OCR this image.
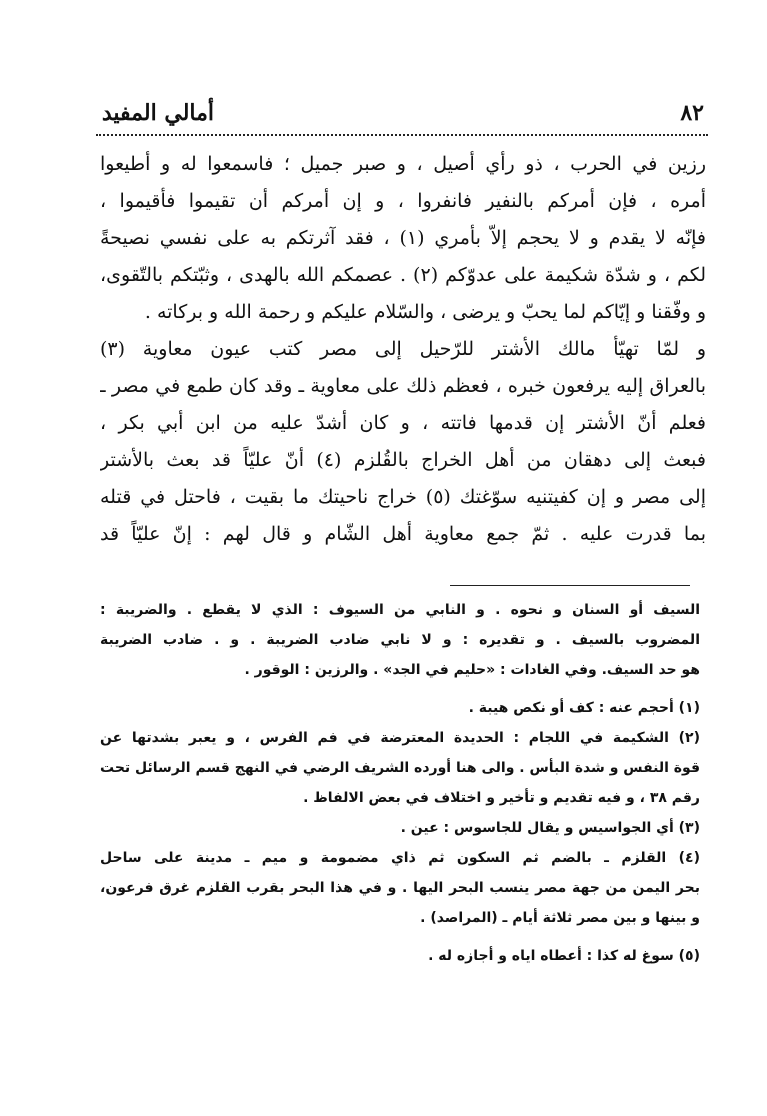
أمالي المفيد	٨٢
رزين في الحرب ، ذو رأي أصيل ، و صبر جميل ؛ فاسمعوا له و أطيعوا
أمره ، فإن أمركم بالنفير فانفروا ، و إن أمركم أن تقيموا فأقيموا ،
فإنّه لا يقدم و لا يحجم إلاّ بأمري (١) ، فقد آثرتكم به على نفسي نصيحةً
لكم ، و شدّة شكيمة على عدوّكم (٢) . عصمكم الله بالهدى ، وثبّتكم بالتّقوى،
و وفّقنا و إيّاكم لما يحبّ و يرضى ، والسّلام عليكم و رحمة الله و بركاته .
و لمّا تهيّأ مالك الأشتر للرّحيل إلى مصر كتب عيون معاوية (٣)
بالعراق إليه يرفعون خبره ، فعظم ذلك على معاوية ـ وقد كان طمع في مصر ـ
فعلم أنّ الأشتر إن قدمها فاتته ، و كان أشدّ عليه من ابن أبي بكر ،
فبعث إلى دهقان من أهل الخراج بالقُلزم (٤) أنّ عليّاً قد بعث بالأشتر
إلى مصر و إن كفيتنيه سوّغتك (٥) خراج ناحيتك ما بقيت ، فاحتل في قتله
بما قدرت عليه . ثمّ جمع معاوية أهل الشّام و قال لهم : إنّ عليّاً قد
السيف أو السنان و نحوه . و النابي من السيوف : الذي لا يقطع . والضريبة :
المضروب بالسيف . و تقديره : و لا نابي ضادب الضريبة . و . ضادب الضريبة
هو حد السيف. وفي الغادات : «حليم في الجد» . والرزين : الوقور .
(١) أحجم عنه : كف أو نكص هيبة .
(٢) الشكيمة في اللجام : الحديدة المعترضة في فم الفرس ، و يعبر بشدتها عن
قوة النفس و شدة البأس . والى هنا أورده الشريف الرضي في النهج قسم الرسائل تحت
رقم ٣٨ ، و فيه تقديم و تأخير و اختلاف في بعض الالفاظ .
(٣) أي الجواسيس و يقال للجاسوس : عين .
(٤) القلزم ـ بالضم ثم السكون ثم ذاي مضمومة و ميم ـ مدينة على ساحل
بحر اليمن من جهة مصر ينسب البحر اليها . و في هذا البحر بقرب القلزم غرق فرعون،
و بينها و بين مصر ثلاثة أيام ـ (المراصد) .
(٥) سوغ له كذا : أعطاه اياه و أجازه له .
